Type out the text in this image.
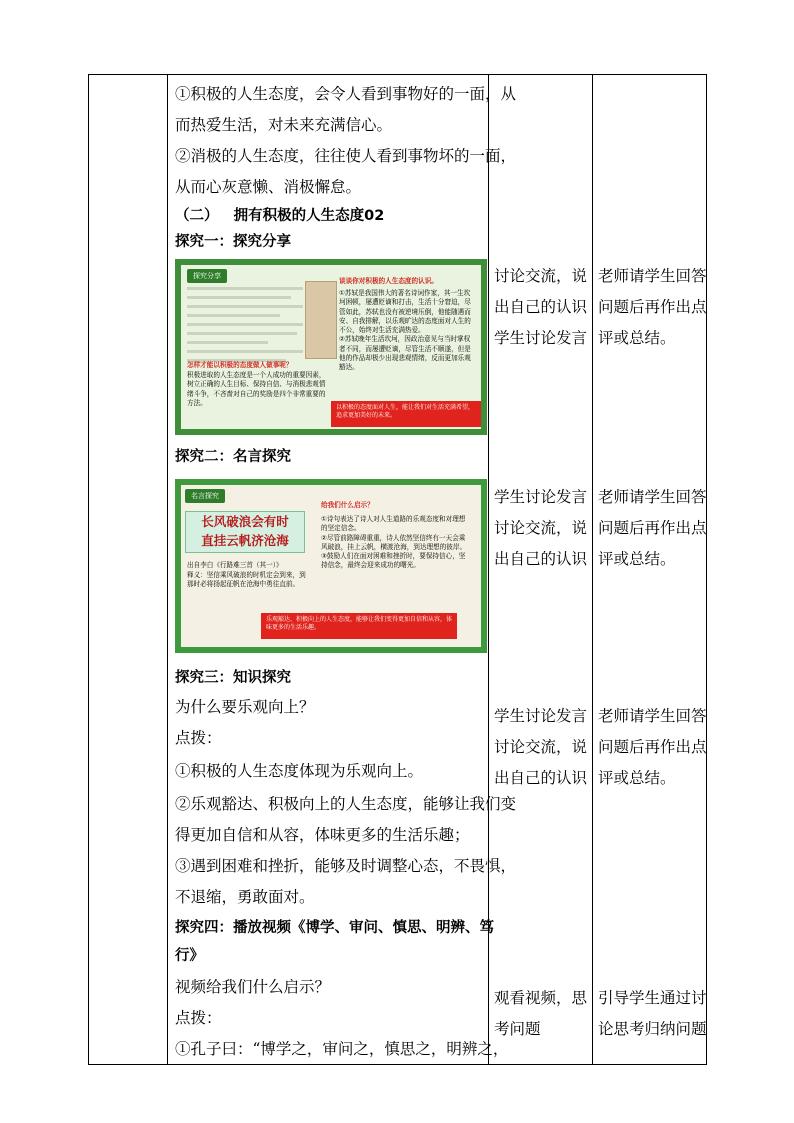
①积极的人生态度，会令人看到事物好的一面，从
而热爱生活，对未来充满信心。
②消极的人生态度，往往使人看到事物坏的一面，
从而心灰意懒、消极懈怠。
（二） 拥有积极的人生态度02
探究一：探究分享
探究二：名言探究
探究三：知识探究
为什么要乐观向上？
点拨：
①积极的人生态度体现为乐观向上。
②乐观豁达、积极向上的人生态度，能够让我们变
得更加自信和从容，体味更多的生活乐趣；
③遇到困难和挫折，能够及时调整心态，不畏惧，
不退缩，勇敢面对。
探究四：播放视频《博学、审问、慎思、明辨、笃
行》
视频给我们什么启示？
点拨：
①孔子曰：“博学之，审问之，慎思之，明辨之，
探究分享
怎样才能以积极的态度做人做事呢？
积极进取的人生态度是一个人成功的重要因素，树立正确的人生目标、保持自信、与消极悲观情绪斗争，不吝啬对自己的奖励是四个非常重要的方法。
谈谈你对积极的人生态度的认识。
①苏轼是我国伟大的著名诗词作家，其一生坎坷困顿，屡遭贬谪和打击，生活十分窘迫，尽管如此，苏轼也没有被逆境压倒，他能随遇而安、自我排解，以乐观旷达的态度面对人生的不公，始终对生活充满热爱。
②苏轼晚年生活坎坷，因政治意见与当时掌权者不同，而屡遭贬谪，尽管生活不顺遂，但是他的作品却极少出现悲观情绪，反而更加乐观豁达。
以积极的态度面对人生，能让我们对生活充满希望，追求更加美好的未来。
名言探究
长风破浪会有时
直挂云帆济沧海
出自李白《行路难三首（其一）》
释义：坚信乘风破浪的时机定会到来，到那时必将扬起征帆在沧海中勇往直前。
给我们什么启示？
①诗句表达了诗人对人生道路的乐观态度和对理想的坚定信念。
②尽管前路障碍重重，诗人依然坚信终有一天会乘风破浪，挂上云帆，横渡沧海，到达理想的彼岸。
③鼓励人们在面对困难和挫折时，要保持信心，坚持信念，最终会迎来成功的曙光。
乐观豁达、积极向上的人生态度，能够让我们变得更加自信和从容，体味更多的生活乐趣。
讨论交流，说
出自己的认识
学生讨论发言
学生讨论发言
讨论交流，说
出自己的认识
学生讨论发言
讨论交流，说
出自己的认识
观看视频，思
考问题
老师请学生回答
问题后再作出点
评或总结。
老师请学生回答
问题后再作出点
评或总结。
老师请学生回答
问题后再作出点
评或总结。
引导学生通过讨
论思考归纳问题
